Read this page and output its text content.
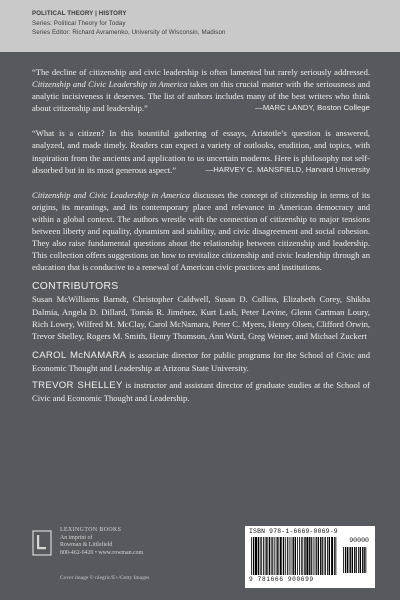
POLITICAL THEORY | HISTORY
Series: Political Theory for Today
Series Editor: Richard Avramenko, University of Wisconsin, Madison
“The decline of citizenship and civic leadership is often lamented but rarely seriously addressed. Citizenship and Civic Leadership in America takes on this crucial matter with the seriousness and analytic incisiveness it deserves. The list of authors includes many of the best writers who think about citizenship and leadership.”	—MARC LANDY, Boston College
“What is a citizen? In this bountiful gathering of essays, Aristotle’s question is answered, analyzed, and made timely. Readers can expect a variety of outlooks, erudition, and topics, with inspiration from the ancients and application to us uncertain moderns. Here is philosophy not self-absorbed but in its most generous aspect.”	—HARVEY C. MANSFIELD, Harvard University
Citizenship and Civic Leadership in America discusses the concept of citizenship in terms of its origins, its meanings, and its contemporary place and relevance in American democracy and within a global context. The authors wrestle with the connection of citizenship to major tensions between liberty and equality, dynamism and stability, and civic disagreement and social cohesion. They also raise fundamental questions about the relationship between citizenship and leadership. This collection offers suggestions on how to revitalize citizenship and civic leadership through an education that is conducive to a renewal of American civic practices and institutions.
CONTRIBUTORS
Susan McWilliams Barndt, Christopher Caldwell, Susan D. Collins, Elizabeth Corey, Shikha Dalmia, Angela D. Dillard, Tomás R. Jiménez, Kurt Lash, Peter Levine, Glenn Cartman Loury, Rich Lowry, Wilfred M. McClay, Carol McNamara, Peter C. Myers, Henry Olsen, Clifford Orwin, Trevor Shelley, Rogers M. Smith, Henry Thomson, Ann Ward, Greg Weiner, and Michael Zuckert
CAROL McNAMARA is associate director for public programs for the School of Civic and Economic Thought and Leadership at Arizona State University.
TREVOR SHELLEY is instructor and assistant director of graduate studies at the School of Civic and Economic Thought and Leadership.
LEXINGTON BOOKS
An imprint of
Rowman & Littlefield
800-462-6420 • www.rowman.com
Cover image © nlegric/E+/Getty Images
ISBN 978-1-6669-0069-9
90000
9 781666 900699
